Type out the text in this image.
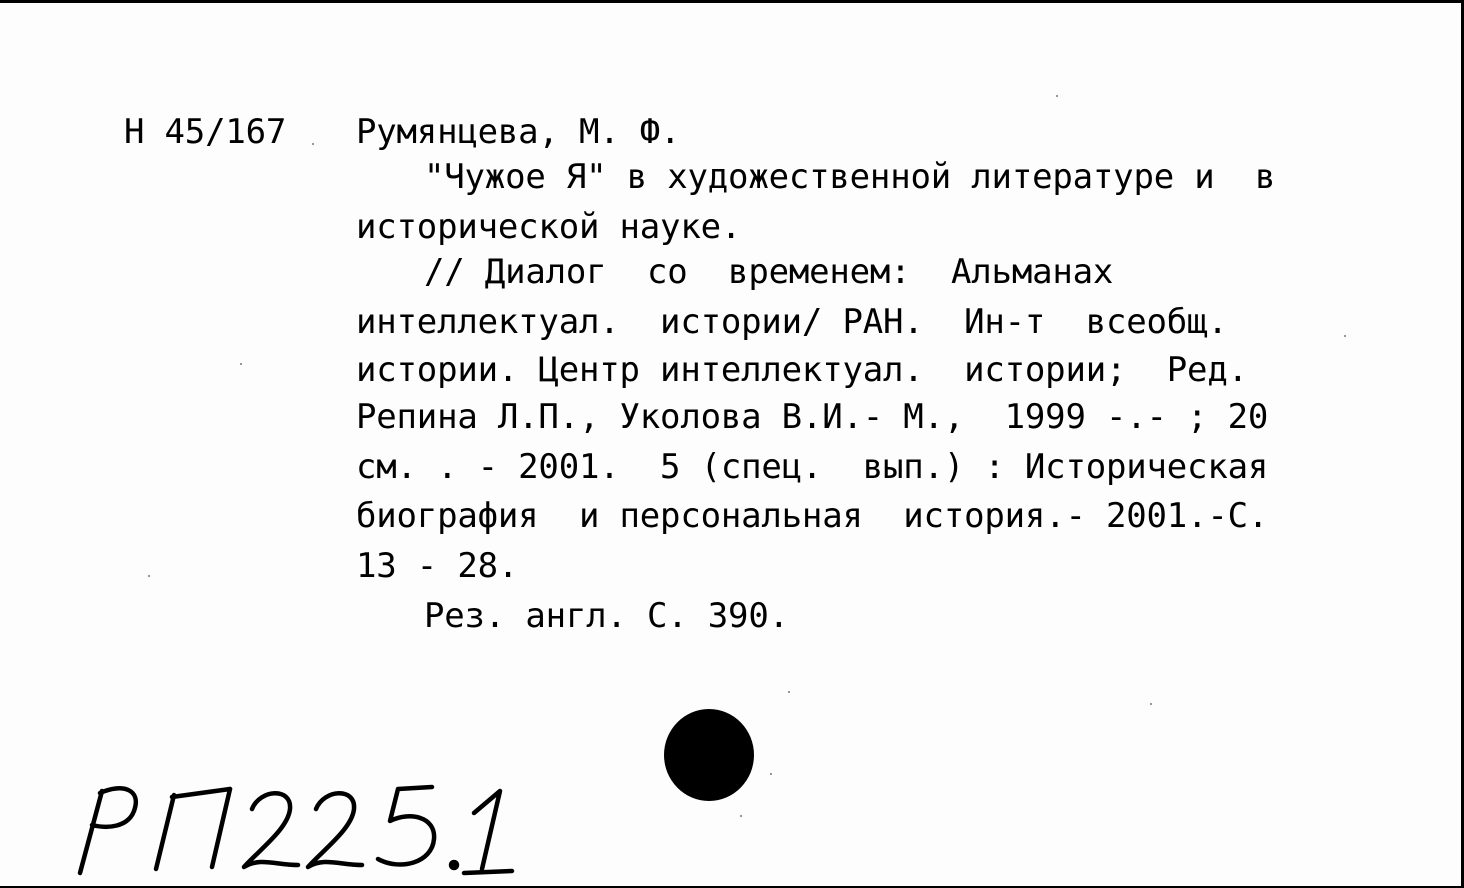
Н 45/167 Румянцева, М. Ф.
"Чужое Я" в художественной литературе и  в
исторической науке.
// Диалог  со  временем:  Альманах
интеллектуал.  истории/ РАН.  Ин-т  всеобщ.
истории. Центр интеллектуал.  истории;  Ред.
Репина Л.П., Уколова В.И.- М.,  1999 -.- ; 20
см. . - 2001.  5 (спец.  вып.) : Историческая
биография  и персональная  история.- 2001.-С.
13 - 28.
Рез. англ. С. 390.
